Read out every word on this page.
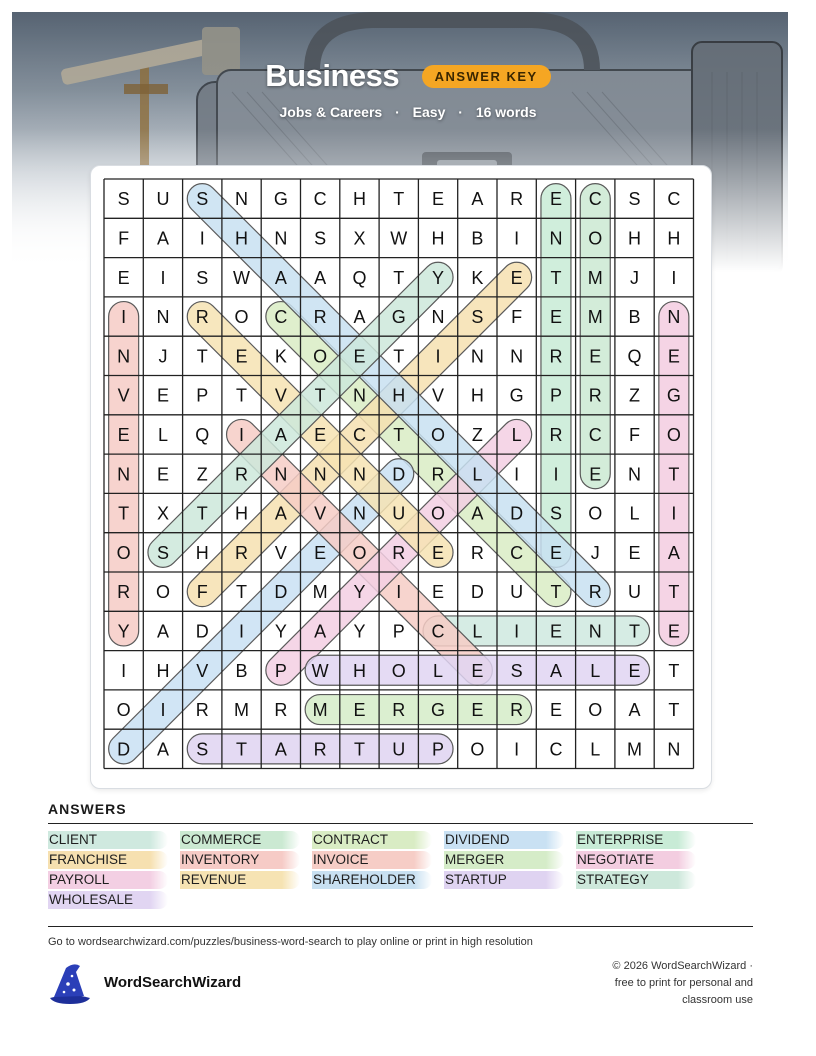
Business	ANSWER KEY
Jobs & Careers · Easy · 16 words
S U S N G C H T E A R E C S C
F A I H N S X W H B I N O H H
E I S W A A Q T Y K E T M J I
I N R O C R A G N S F E M B N
N J T E K O E T I N N R E Q E
V E P T V T N H V H G P R Z G
E L Q I A E C T O Z L R C F O
N E Z R N N N D R L I I E N T
T X T H A V N U O A D S O L I
O S H R V E O R E R C E J E A
R O F T D M Y I E D U T R U T
Y A D I Y A Y P C L I E N T E
I H V B P W H O L E S A L E T
O I R M R M E R G E R E O A T
D A S T A R T U P O I C L M N
ANSWERS
CLIENT	COMMERCE	CONTRACT	DIVIDEND	ENTERPRISE
FRANCHISE	INVENTORY	INVOICE	MERGER	NEGOTIATE
PAYROLL	REVENUE	SHAREHOLDER	STARTUP	STRATEGY
WHOLESALE
Go to wordsearchwizard.com/puzzles/business-word-search to play online or print in high resolution
WordSearchWizard
© 2026 WordSearchWizard ·
free to print for personal and
classroom use
